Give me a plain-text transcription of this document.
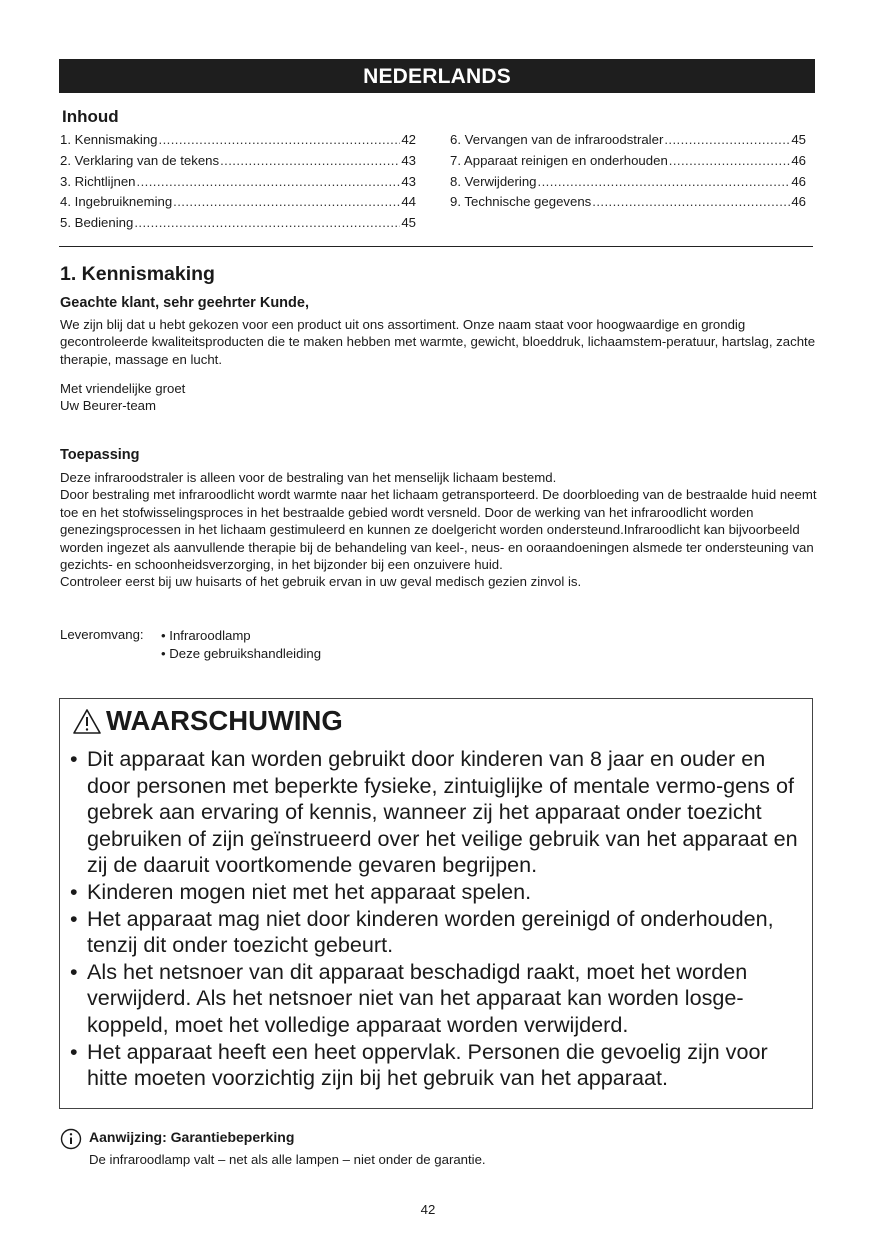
NEDERLANDS
Inhoud
1. Kennismaking .....	42
2. Verklaring van de tekens .....	43
3. Richtlijnen .....	43
4. Ingebruikneming .....	44
5. Bediening .....	45
6. Vervangen van de infraroodstraler .....	45
7. Apparaat reinigen en onderhouden .....	46
8. Verwijdering .....	46
9. Technische gegevens .....	46
1. Kennismaking
Geachte klant, sehr geehrter Kunde,

We zijn blij dat u hebt gekozen voor een product uit ons assortiment. Onze naam staat voor hoogwaardige en grondig gecontroleerde kwaliteitsproducten die te maken hebben met warmte, gewicht, bloeddruk, lichaamstem-peratuur, hartslag, zachte therapie, massage en lucht.

Met vriendelijke groet

Uw Beurer-team

Toepassing

Deze infraroodstraler is alleen voor de bestraling van het menselijk lichaam bestemd.

Door bestraling met infraroodlicht wordt warmte naar het lichaam getransporteerd. De doorbloeding van de bestraalde huid neemt toe en het stofwisselingsproces in het bestraalde gebied wordt versneld. Door de werking van het infraroodlicht worden genezingsprocessen in het lichaam gestimuleerd en kunnen ze doelgericht worden ondersteund.Infraroodlicht kan bijvoorbeeld worden ingezet als aanvullende therapie bij de behandeling van keel-, neus- en ooraandoeningen alsmede ter ondersteuning van gezichts- en schoonheidsverzorging, in het bijzonder bij een onzuivere huid.

Controleer eerst bij uw huisarts of het gebruik ervan in uw geval medisch gezien zinvol is.

Leveromvang: • Infraroodlamp
• Deze gebruikshandleiding
WAARSCHUWING
• Dit apparaat kan worden gebruikt door kinderen van 8 jaar en ouder en door personen met beperkte fysieke, zintuiglijke of mentale vermo-gens of gebrek aan ervaring of kennis, wanneer zij het apparaat onder toezicht gebruiken of zijn geïnstrueerd over het veilige gebruik van het apparaat en zij de daaruit voortkomende gevaren begrijpen.
• Kinderen mogen niet met het apparaat spelen.
• Het apparaat mag niet door kinderen worden gereinigd of onderhouden, tenzij dit onder toezicht gebeurt.
• Als het netsnoer van dit apparaat beschadigd raakt, moet het worden verwijderd. Als het netsnoer niet van het apparaat kan worden losge-koppeld, moet het volledige apparaat worden verwijderd.
• Het apparaat heeft een heet oppervlak. Personen die gevoelig zijn voor hitte moeten voorzichtig zijn bij het gebruik van het apparaat.
Aanwijzing: Garantiebeperking
De infraroodlamp valt – net als alle lampen – niet onder de garantie.
42
